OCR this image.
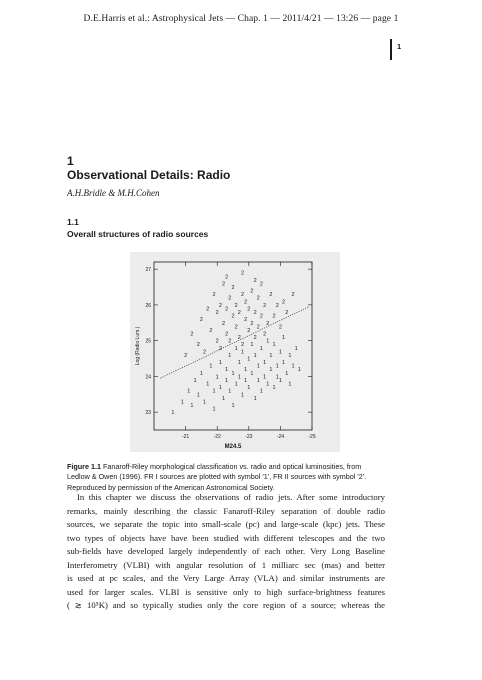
D.E.Harris et al.: Astrophysical Jets — Chap. 1 — 2011/4/21 — 13:26 — page 1
1
1
Observational Details: Radio
A.H.Bridle & M.H.Cohen
1.1
Overall structures of radio sources
-21	-22	-23	-24	-25
23
24
25
26
27
1
1
1
1
1
1
1
1
1
1
1
1
1
1
1
1
1
1
1
1
1
1
1
1
1
1
1
1
1
1
1
1
1
1
1
1
1
1
1
1
1
1
1
1
1
1
1
1
1
1
1
1
1
1
1
1
1
1
1
1
2
2
2
2
2
2
2
2
2
2
2
2
2
2
2
2
2
2
2
2
2
2
2
2
2
2
2
2
2
2
2
2
2
2
2
2
2
2
2
2
2
2
2
2
2
2
2
2
2
2
2
Log (Radio Lum.)
M24.5
Figure 1.1 Fanaroff-Riley morphological classification vs. radio and optical luminosities, from Ledlow & Owen (1996). FR I sources are plotted with symbol '1', FR II sources with symbol '2'. Reproduced by permission of the American Astronomical Society.
In this chapter we discuss the observations of radio jets. After some introductory
remarks, mainly describing the classic Fanaroff-Riley separation of double radio
sources, we separate the topic into small-scale (pc) and large-scale (kpc) jets. These
two types of objects have have been studied with different telescopes and the two
sub-fields have developed largely independently of each other. Very Long Baseline
Interferometry (VLBI) with angular resolution of 1 milliarc sec (mas) and better
is used at pc scales, and the Very Large Array (VLA) and similar instruments are
used for larger scales. VLBI is sensitive only to high surface-brightness features
( ≳ 10⁵K) and so typically studies only the core region of a source; whereas the
